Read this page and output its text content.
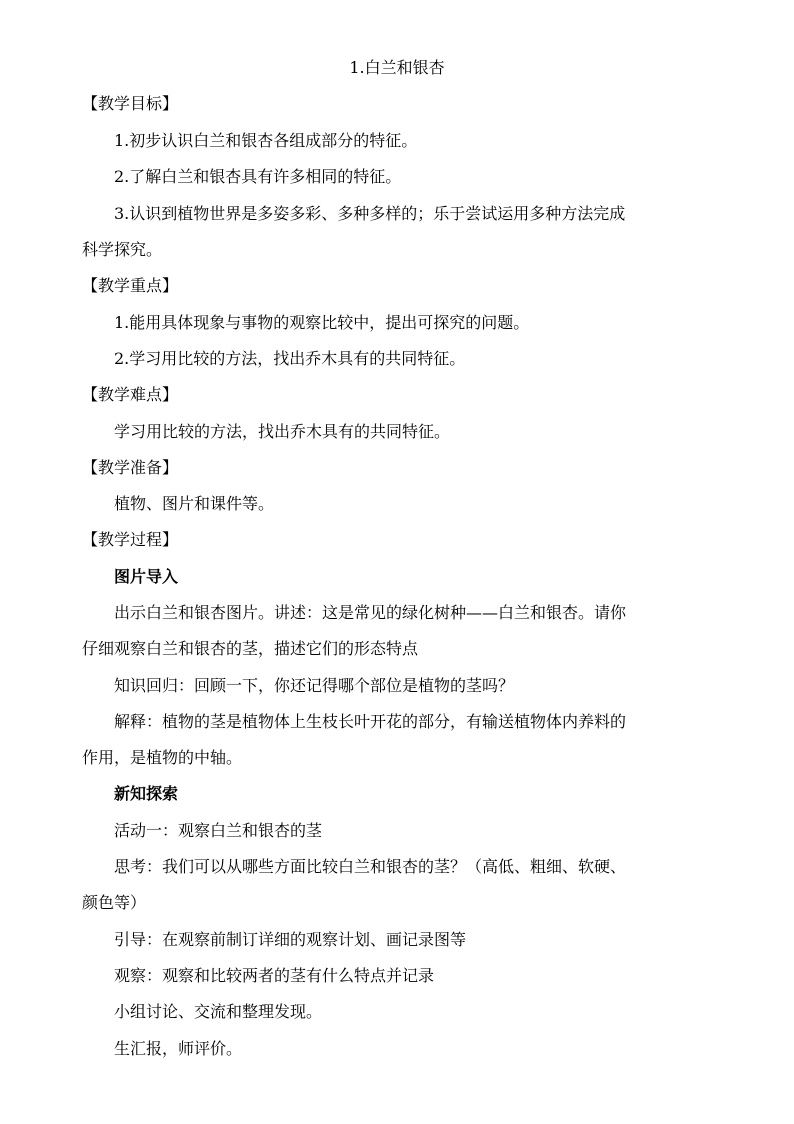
1.白兰和银杏
【教学目标】
1.初步认识白兰和银杏各组成部分的特征。
2.了解白兰和银杏具有许多相同的特征。
3.认识到植物世界是多姿多彩、多种多样的；乐于尝试运用多种方法完成
科学探究。
【教学重点】
1.能用具体现象与事物的观察比较中，提出可探究的问题。
2.学习用比较的方法，找出乔木具有的共同特征。
【教学难点】
学习用比较的方法，找出乔木具有的共同特征。
【教学准备】
植物、图片和课件等。
【教学过程】
图片导入
出示白兰和银杏图片。讲述：这是常见的绿化树种——白兰和银杏。请你
仔细观察白兰和银杏的茎，描述它们的形态特点
知识回归：回顾一下，你还记得哪个部位是植物的茎吗？
解释：植物的茎是植物体上生枝长叶开花的部分，有输送植物体内养料的
作用，是植物的中轴。
新知探索
活动一：观察白兰和银杏的茎
思考：我们可以从哪些方面比较白兰和银杏的茎？（高低、粗细、软硬、
颜色等）
引导：在观察前制订详细的观察计划、画记录图等
观察：观察和比较两者的茎有什么特点并记录
小组讨论、交流和整理发现。
生汇报，师评价。
